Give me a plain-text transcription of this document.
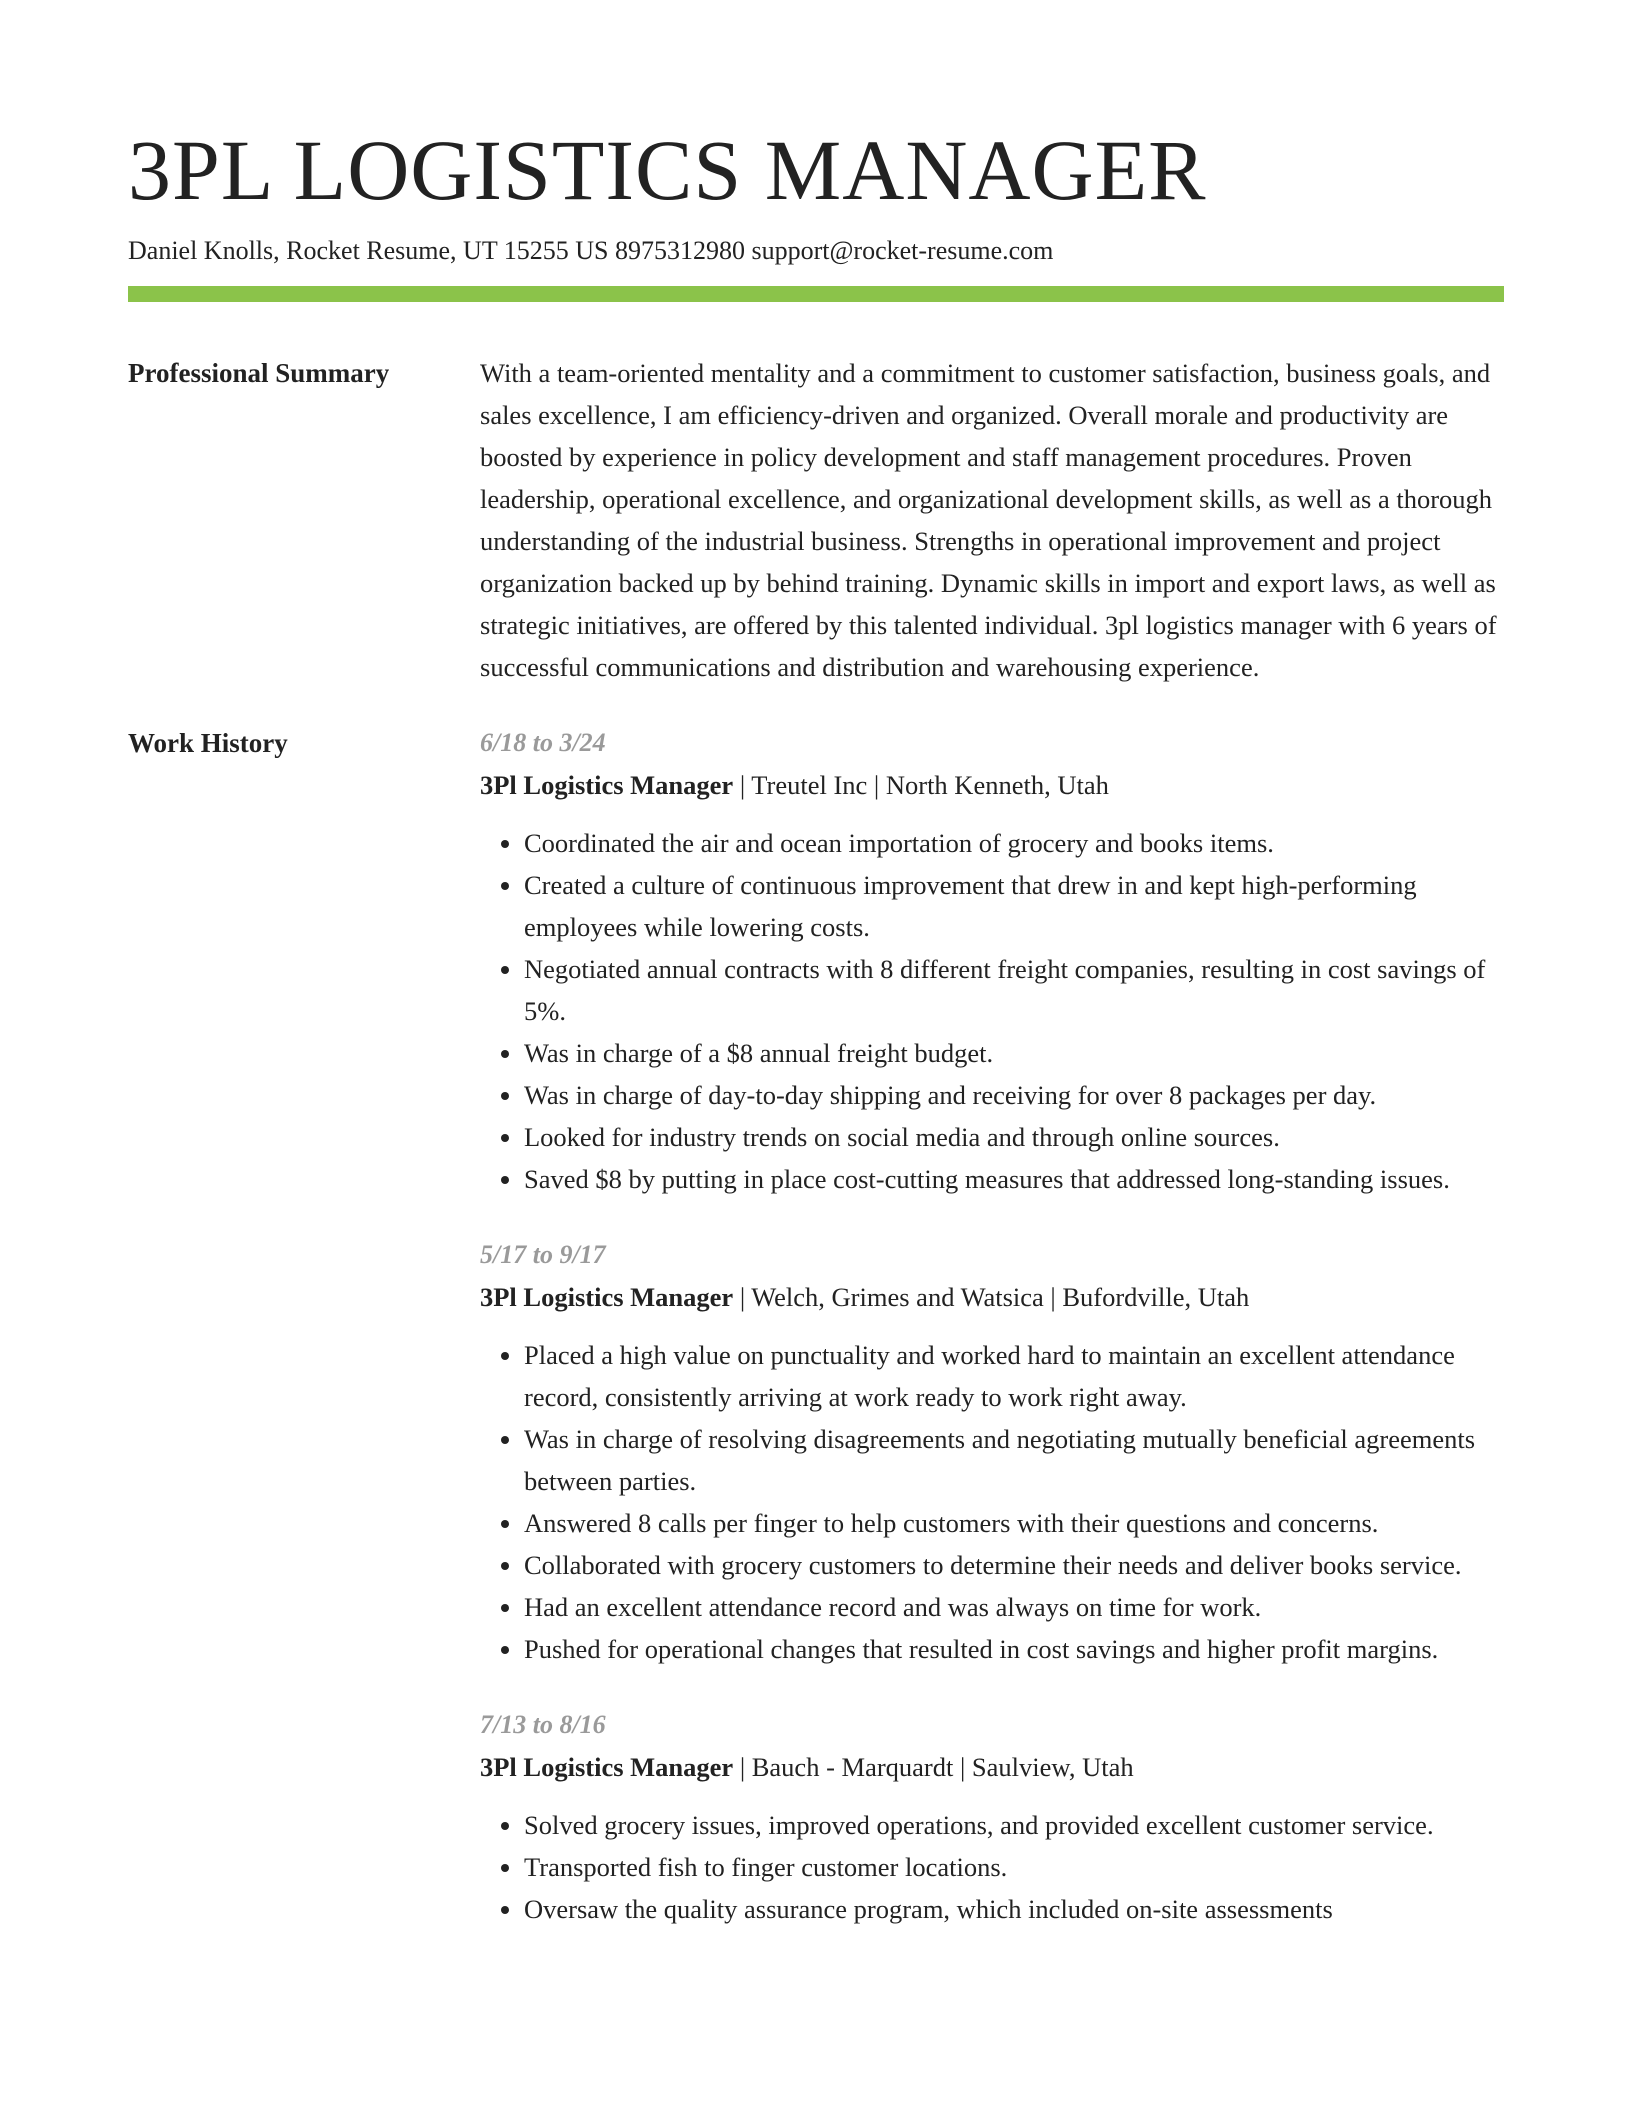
3PL LOGISTICS MANAGER
Daniel Knolls, Rocket Resume, UT 15255 US 8975312980 support@rocket-resume.com
Professional Summary	With a team-oriented mentality and a commitment to customer satisfaction, business goals, and sales excellence, I am efficiency-driven and organized. Overall morale and productivity are boosted by experience in policy development and staff management procedures. Proven leadership, operational excellence, and organizational development skills, as well as a thorough understanding of the industrial business. Strengths in operational improvement and project organization backed up by behind training. Dynamic skills in import and export laws, as well as strategic initiatives, are offered by this talented individual. 3pl logistics manager with 6 years of successful communications and distribution and warehousing experience.

Work History	6/18 to 3/24
3Pl Logistics Manager | Treutel Inc | North Kenneth, Utah
• Coordinated the air and ocean importation of grocery and books items.
• Created a culture of continuous improvement that drew in and kept high-performing employees while lowering costs.
• Negotiated annual contracts with 8 different freight companies, resulting in cost savings of 5%.
• Was in charge of a $8 annual freight budget.
• Was in charge of day-to-day shipping and receiving for over 8 packages per day.
• Looked for industry trends on social media and through online sources.
• Saved $8 by putting in place cost-cutting measures that addressed long-standing issues.
5/17 to 9/17
3Pl Logistics Manager | Welch, Grimes and Watsica | Bufordville, Utah
• Placed a high value on punctuality and worked hard to maintain an excellent attendance record, consistently arriving at work ready to work right away.
• Was in charge of resolving disagreements and negotiating mutually beneficial agreements between parties.
• Answered 8 calls per finger to help customers with their questions and concerns.
• Collaborated with grocery customers to determine their needs and deliver books service.
• Had an excellent attendance record and was always on time for work.
• Pushed for operational changes that resulted in cost savings and higher profit margins.
7/13 to 8/16
3Pl Logistics Manager | Bauch - Marquardt | Saulview, Utah
• Solved grocery issues, improved operations, and provided excellent customer service.
• Transported fish to finger customer locations.
• Oversaw the quality assurance program, which included on-site assessments
